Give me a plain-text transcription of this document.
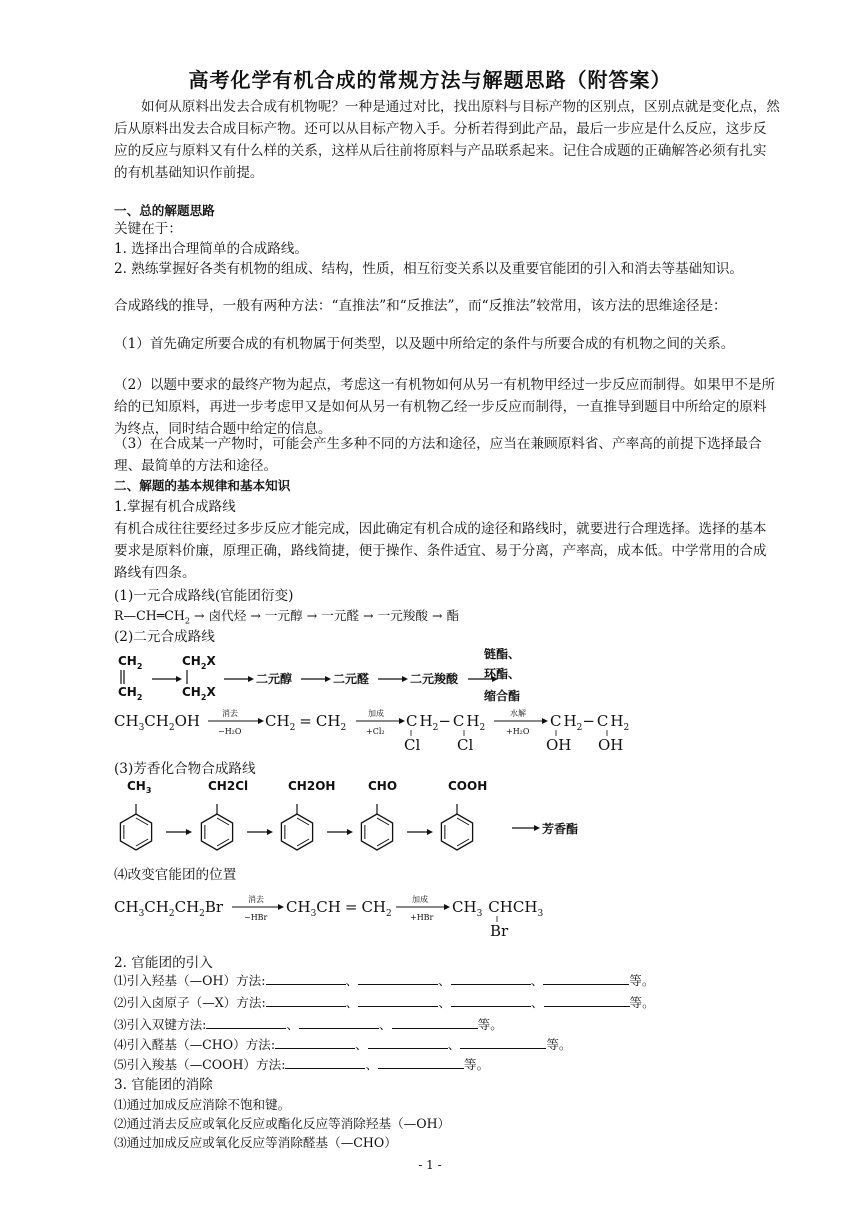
高考化学有机合成的常规方法与解题思路（附答案）
如何从原料出发去合成有机物呢？一种是通过对比，找出原料与目标产物的区别点，区别点就是变化点，然后从原料出发去合成目标产物。还可以从目标产物入手。分析若得到此产品，最后一步应是什么反应，这步反应的反应与原料又有什么样的关系，这样从后往前将原料与产品联系起来。记住合成题的正确解答必须有扎实的有机基础知识作前提。
一、总的解题思路
关键在于：
1. 选择出合理简单的合成路线。
2. 熟练掌握好各类有机物的组成、结构，性质，相互衍变关系以及重要官能团的引入和消去等基础知识。
合成路线的推导，一般有两种方法：“直推法”和“反推法”，而“反推法”较常用，该方法的思维途径是：
（1）首先确定所要合成的有机物属于何类型，以及题中所给定的条件与所要合成的有机物之间的关系。
（2）以题中要求的最终产物为起点，考虑这一有机物如何从另一有机物甲经过一步反应而制得。如果甲不是所给的已知原料，再进一步考虑甲又是如何从另一有机物乙经一步反应而制得，一直推导到题目中所给定的原料为终点，同时结合题中给定的信息。
（3）在合成某一产物时，可能会产生多种不同的方法和途径，应当在兼顾原料省、产率高的前提下选择最合理、最简单的方法和途径。
二、解题的基本规律和基本知识
1.掌握有机合成路线
有机合成往往要经过多步反应才能完成，因此确定有机合成的途径和路线时，就要进行合理选择。选择的基本要求是原料价廉，原理正确，路线简捷，便于操作、条件适宜、易于分离，产率高，成本低。中学常用的合成路线有四条。
(1)一元合成路线(官能团衍变)
$R—CH═CH_2$ → 卤代烃 → 一元醇 → 一元醛 → 一元羧酸 → 酯
(2)二元合成路线
$CH_2$
$CH_2$
$CH_2X$
$CH_2X$
二元醇	二元醛	二元羧酸
链酯、
环酯、
缩合酯
$CH_3CH_2OH$	消去
−H₂O
$CH_2 = CH_2$
加成
+Cl₂
C $H_2- C$ $H_2$
Cl Cl
水解
+H₂O
C $H_2- C$ $H_2$
OH OH
(3)芳香化合物合成路线
$CH_3$	CH2Cl	CH2OH	CHO	COOH
芳香酯
⑷改变官能团的位置
$CH_3CH_2CH_2Br$	消去
−HBr
$CH_3CH = CH_2$
加成
+HBr
$CH_3$ $CHCH_3$
Br
2. 官能团的引入
⑴引入羟基（—OH）方法:	、	、	、	等。
⑵引入卤原子（—X）方法:	、	、	、	等。
⑶引入双键方法:	、	、	等。
⑷引入醛基（—CHO）方法:	、	、	等。
⑸引入羧基（—COOH）方法:	、	等。
3. 官能团的消除
⑴通过加成反应消除不饱和键。
⑵通过消去反应或氧化反应或酯化反应等消除羟基（—OH）
⑶通过加成反应或氧化反应等消除醛基（—CHO）
- 1 -
